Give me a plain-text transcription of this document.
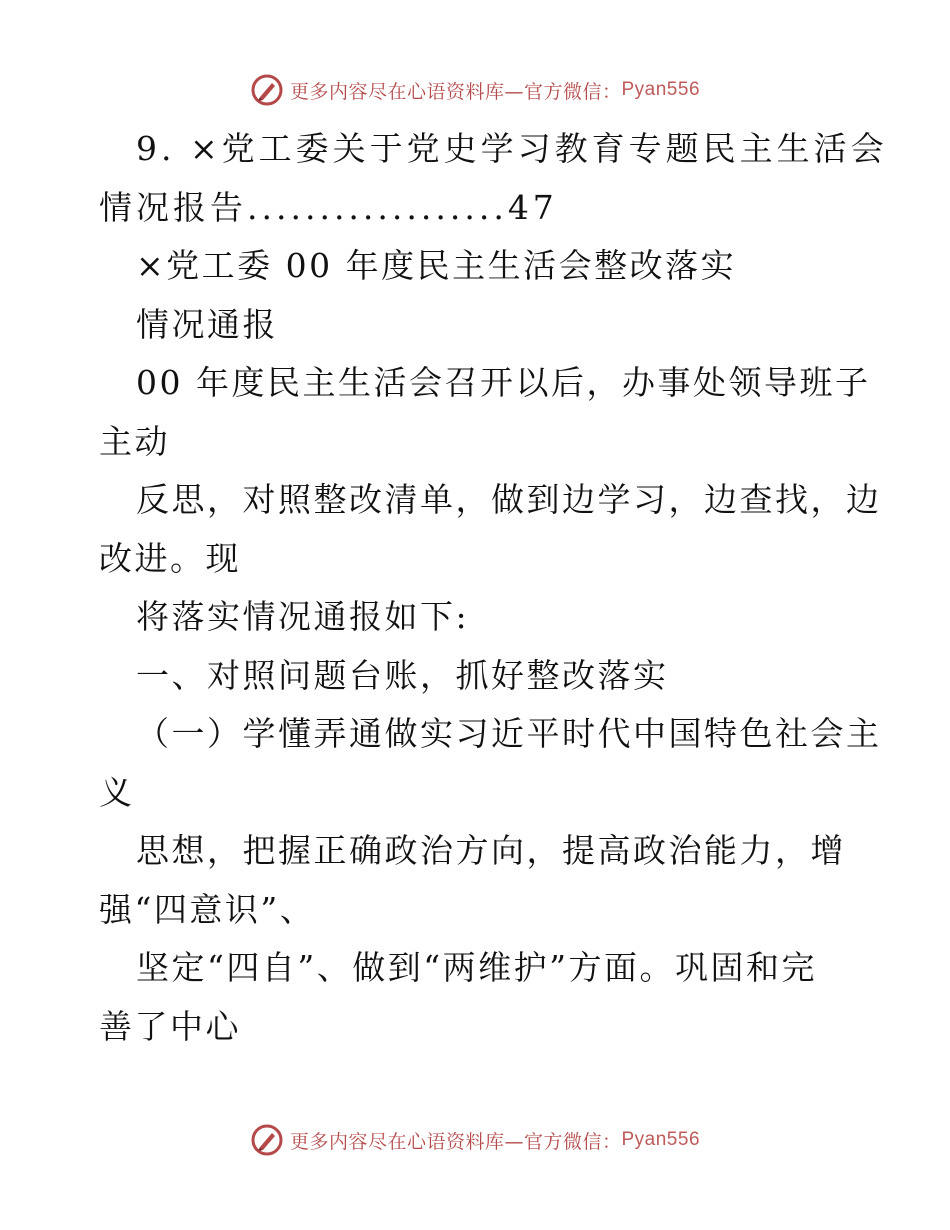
更多内容尽在心语资料库—官方微信： Pyan556
9. ×党工委关于党史学习教育专题民主生活会
情况报告..................47
×党工委 00 年度民主生活会整改落实
情况通报
00 年度民主生活会召开以后，办事处领导班子
主动
反思，对照整改清单，做到边学习，边查找，边
改进。现
将落实情况通报如下:
一、对照问题台账，抓好整改落实
（一）学懂弄通做实习近平时代中国特色社会主
义
思想，把握正确政治方向，提高政治能力，增
强“四意识”、
坚定“四自”、做到“两维护”方面。巩固和完
善了中心
更多内容尽在心语资料库—官方微信： Pyan556
